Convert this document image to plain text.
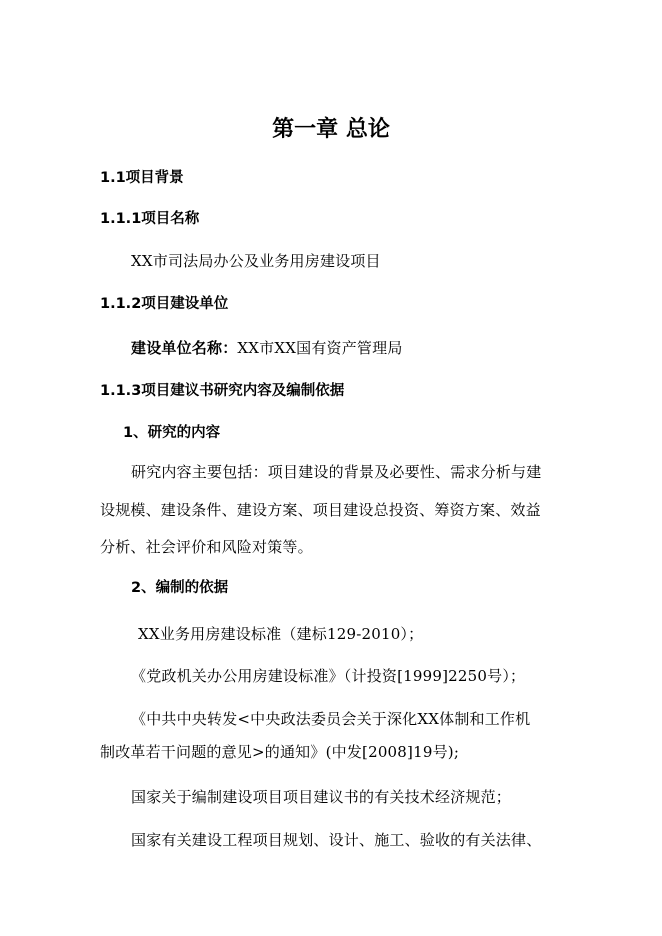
第一章 总论
1.1项目背景
1.1.1项目名称
XX市司法局办公及业务用房建设项目
1.1.2项目建设单位
建设单位名称：XX市XX国有资产管理局
1.1.3项目建议书研究内容及编制依据
1、研究的内容
研究内容主要包括：项目建设的背景及必要性、需求分析与建
设规模、建设条件、建设方案、项目建设总投资、筹资方案、效益
分析、社会评价和风险对策等。
2、编制的依据
XX业务用房建设标准（建标129-2010）；
《党政机关办公用房建设标准》（计投资[1999]2250号）；
《中共中央转发<中央政法委员会关于深化XX体制和工作机
制改革若干问题的意见>的通知》(中发[2008]19号);
国家关于编制建设项目项目建议书的有关技术经济规范；
国家有关建设工程项目规划、设计、施工、验收的有关法律、
